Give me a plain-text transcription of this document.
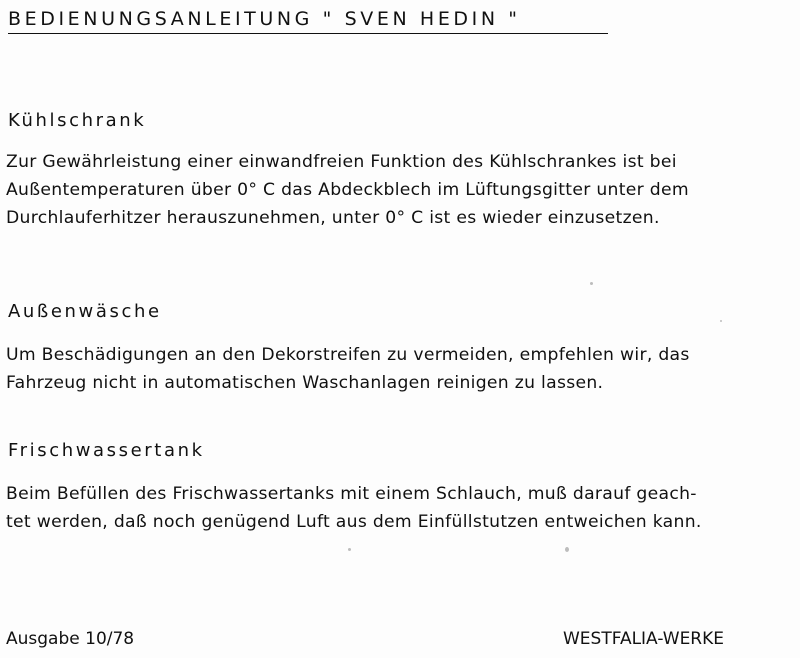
BEDIENUNGSANLEITUNG " SVEN HEDIN "
Kühlschrank
Zur Gewährleistung einer einwandfreien Funktion des Kühlschrankes ist bei
Außentemperaturen über 0° C das Abdeckblech im Lüftungsgitter unter dem
Durchlauferhitzer herauszunehmen, unter 0° C ist es wieder einzusetzen.
Außenwäsche
Um Beschädigungen an den Dekorstreifen zu vermeiden, empfehlen wir, das
Fahrzeug nicht in automatischen Waschanlagen reinigen zu lassen.
Frischwassertank
Beim Befüllen des Frischwassertanks mit einem Schlauch, muß darauf geach-
tet werden, daß noch genügend Luft aus dem Einfüllstutzen entweichen kann.
Ausgabe 10/78	WESTFALIA-WERKE
